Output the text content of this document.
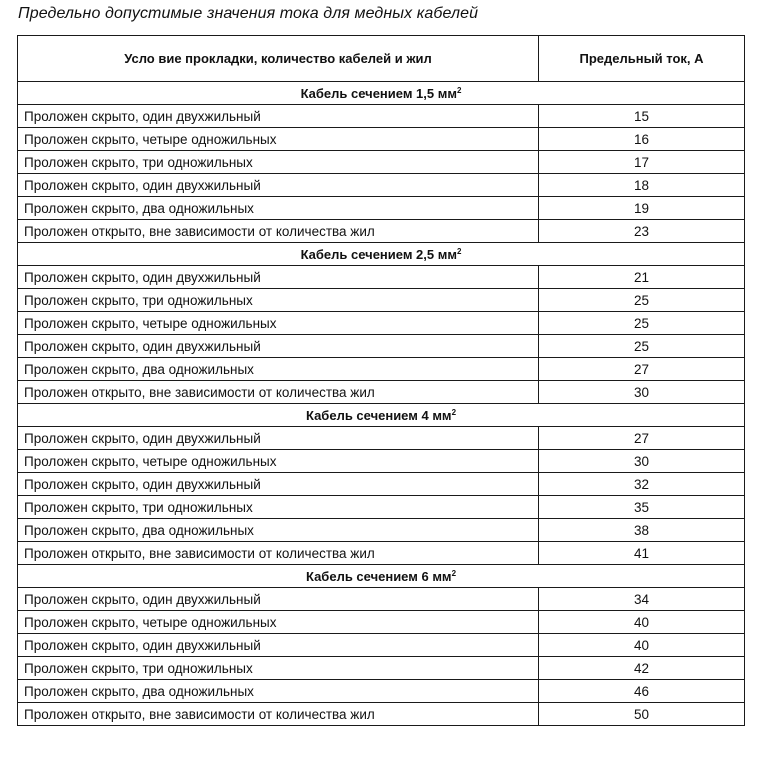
Предельно допустимые значения тока для медных кабелей
Усло вие прокладки, количество кабелей и жил	Предельный ток, А
Кабель сечением 1,5 $мм^2$
Проложен скрыто, один двухжильный	15
Проложен скрыто, четыре одножильных	16
Проложен скрыто, три одножильных	17
Проложен скрыто, один двухжильный	18
Проложен скрыто, два одножильных	19
Проложен открыто, вне зависимости от количества жил	23
Кабель сечением 2,5 $мм^2$
Проложен скрыто, один двухжильный	21
Проложен скрыто, три одножильных	25
Проложен скрыто, четыре одножильных	25
Проложен скрыто, один двухжильный	25
Проложен скрыто, два одножильных	27
Проложен открыто, вне зависимости от количества жил	30
Кабель сечением 4 $мм^2$
Проложен скрыто, один двухжильный	27
Проложен скрыто, четыре одножильных	30
Проложен скрыто, один двухжильный	32
Проложен скрыто, три одножильных	35
Проложен скрыто, два одножильных	38
Проложен открыто, вне зависимости от количества жил	41
Кабель сечением 6 $мм^2$
Проложен скрыто, один двухжильный	34
Проложен скрыто, четыре одножильных	40
Проложен скрыто, один двухжильный	40
Проложен скрыто, три одножильных	42
Проложен скрыто, два одножильных	46
Проложен открыто, вне зависимости от количества жил	50
